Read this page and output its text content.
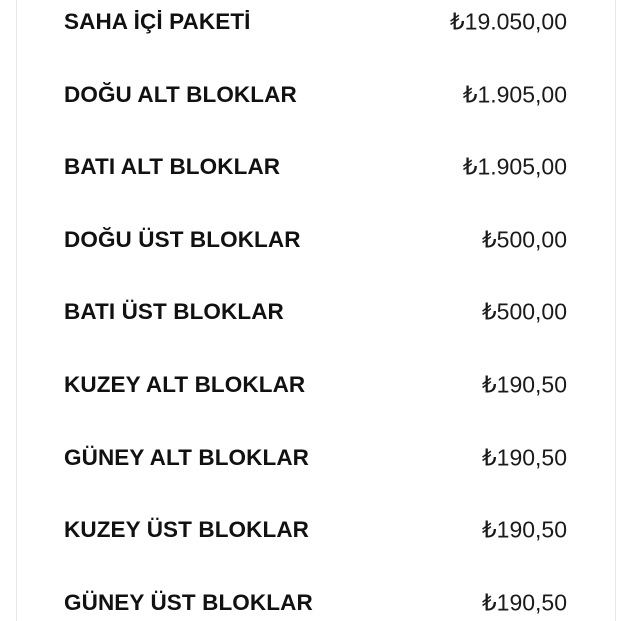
SAHA İÇİ PAKETİ	₺19.050,00
DOĞU ALT BLOKLAR	₺1.905,00
BATI ALT BLOKLAR	₺1.905,00
DOĞU ÜST BLOKLAR	₺500,00
BATI ÜST BLOKLAR	₺500,00
KUZEY ALT BLOKLAR	₺190,50
GÜNEY ALT BLOKLAR	₺190,50
KUZEY ÜST BLOKLAR	₺190,50
GÜNEY ÜST BLOKLAR	₺190,50
